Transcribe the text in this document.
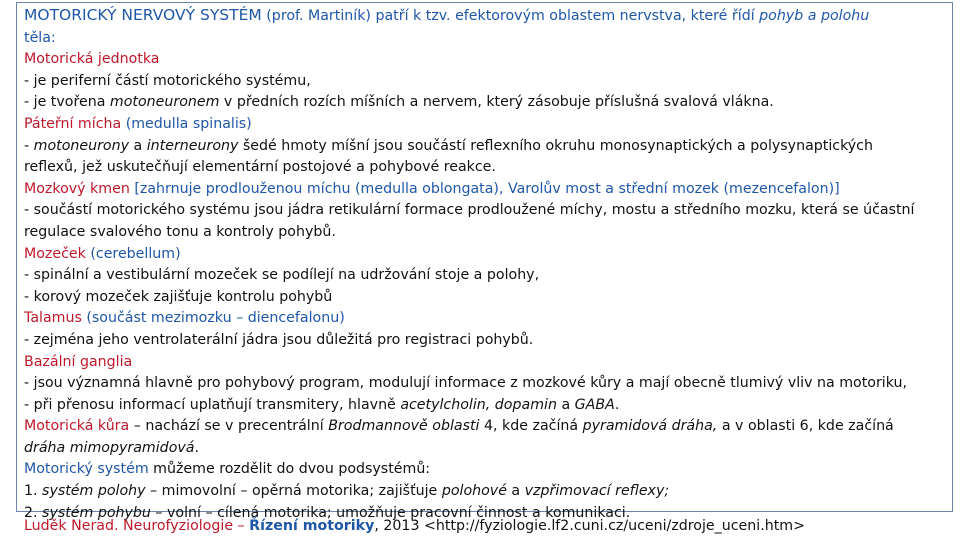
MOTORICKÝ NERVOVÝ SYSTÉM (prof. Martiník) patří k tzv. efektorovým oblastem nervstva, které řídí pohyb a polohu
těla:
Motorická jednotka
- je periferní částí motorického systému,
- je tvořena motoneuronem v předních rozích míšních a nervem, který zásobuje příslušná svalová vlákna.
Páteřní mícha (medulla spinalis)
- motoneurony a interneurony šedé hmoty míšní jsou součástí reflexního okruhu monosynaptických a polysynaptických
reflexů, jež uskutečňují elementární postojové a pohybové reakce.
Mozkový kmen [zahrnuje prodlouženou míchu (medulla oblongata), Varolův most a střední mozek (mezencefalon)]
- součástí motorického systému jsou jádra retikulární formace prodloužené míchy, mostu a středního mozku, která se účastní
regulace svalového tonu a kontroly pohybů.
Mozeček (cerebellum)
- spinální a vestibulární mozeček se podílejí na udržování stoje a polohy,
- korový mozeček zajišťuje kontrolu pohybů
Talamus (součást mezimozku – diencefalonu)
- zejména jeho ventrolaterální jádra jsou důležitá pro registraci pohybů.
Bazální ganglia
- jsou významná hlavně pro pohybový program, modulují informace z mozkové kůry a mají obecně tlumivý vliv na motoriku,
- při přenosu informací uplatňují transmitery, hlavně acetylcholin, dopamin a GABA.
Motorická kůra – nachází se v precentrální Brodmannově oblasti 4, kde začíná pyramidová dráha, a v oblasti 6, kde začíná
dráha mimopyramidová.
Motorický systém můžeme rozdělit do dvou podsystémů:
1. systém polohy – mimovolní – opěrná motorika; zajišťuje polohové a vzpřimovací reflexy;
2. systém pohybu – volní – cílená motorika; umožňuje pracovní činnost a komunikaci.
Luděk Nerad. Neurofyziologie – Řízení motoriky, 2013 <http://fyziologie.lf2.cuni.cz/uceni/zdroje_uceni.htm>
